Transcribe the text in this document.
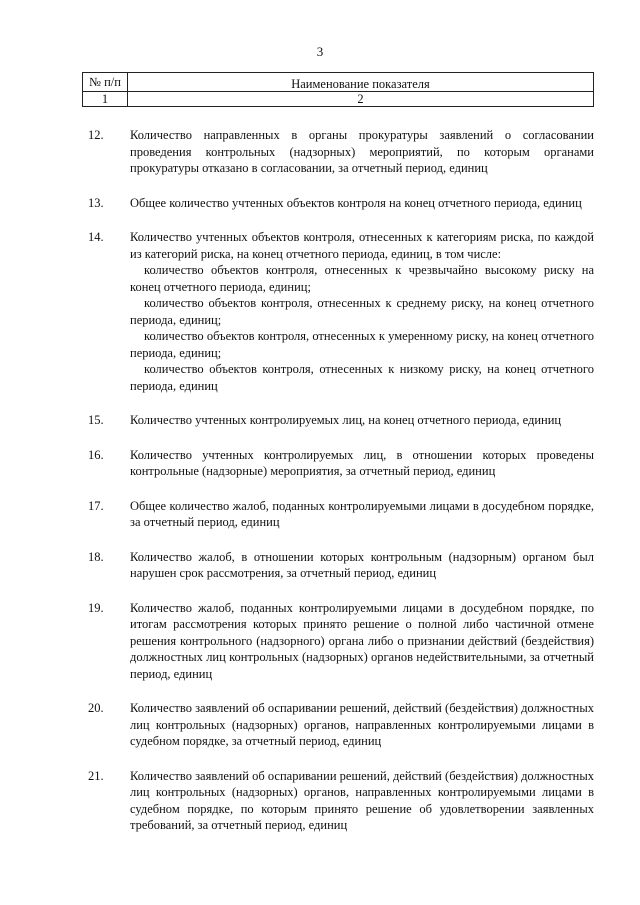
3
№ п/п	Наименование показателя
1	2
12.	Количество направленных в органы прокуратуры заявлений о согласовании проведения контрольных (надзорных) мероприятий, по которым органами прокуратуры отказано в согласовании, за отчетный период, единиц

13.	Общее количество учтенных объектов контроля на конец отчетного периода, единиц

14.	Количество учтенных объектов контроля, отнесенных к категориям риска, по каждой из категорий риска, на конец отчетного периода, единиц, в том числе:

количество объектов контроля, отнесенных к чрезвычайно высокому риску на конец отчетного периода, единиц;

количество объектов контроля, отнесенных к среднему риску, на конец отчетного периода, единиц;

количество объектов контроля, отнесенных к умеренному риску, на конец отчетного периода, единиц;

количество объектов контроля, отнесенных к низкому риску, на конец отчетного периода, единиц

15.	Количество учтенных контролируемых лиц, на конец отчетного периода, единиц

16.	Количество учтенных контролируемых лиц, в отношении которых проведены контрольные (надзорные) мероприятия, за отчетный период, единиц

17.	Общее количество жалоб, поданных контролируемыми лицами в досудебном порядке, за отчетный период, единиц

18.	Количество жалоб, в отношении которых контрольным (надзорным) органом был нарушен срок рассмотрения, за отчетный период, единиц

19.	Количество жалоб, поданных контролируемыми лицами в досудебном порядке, по итогам рассмотрения которых принято решение о полной либо частичной отмене решения контрольного (надзорного) органа либо о признании действий (бездействия) должностных лиц контрольных (надзорных) органов недействительными, за отчетный период, единиц

20.	Количество заявлений об оспаривании решений, действий (бездействия) должностных лиц контрольных (надзорных) органов, направленных контролируемыми лицами в судебном порядке, за отчетный период, единиц

21.	Количество заявлений об оспаривании решений, действий (бездействия) должностных лиц контрольных (надзорных) органов, направленных контролируемыми лицами в судебном порядке, по которым принято решение об удовлетворении заявленных требований, за отчетный период, единиц
